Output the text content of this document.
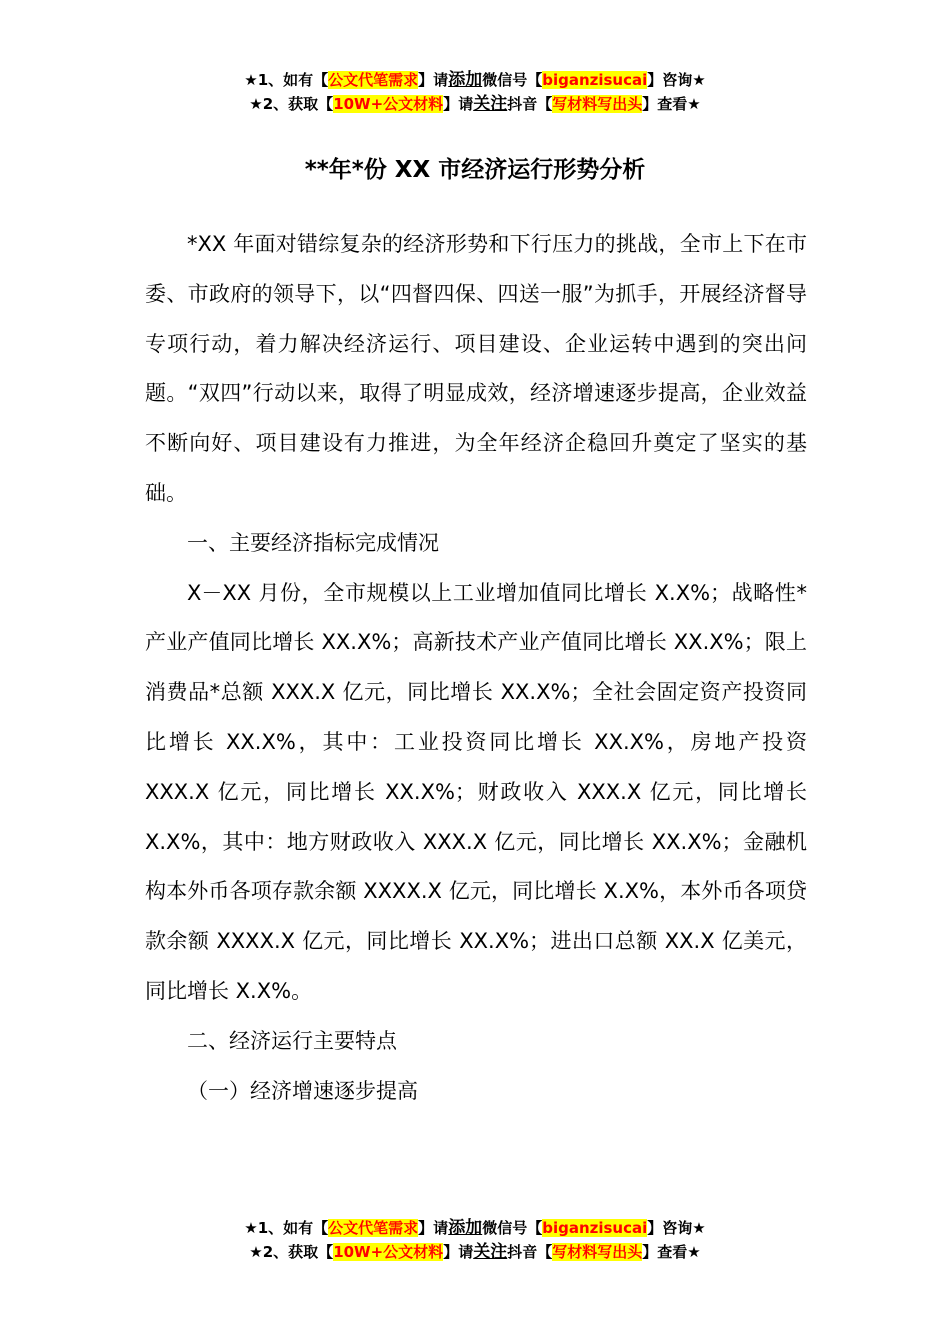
★1、如有【公文代笔需求】请添加微信号【biganzisucai】咨询★
★2、获取【10W+公文材料】请关注抖音【写材料写出头】查看★
**年*份 XX 市经济运行形势分析

*XX 年面对错综复杂的经济形势和下行压力的挑战，全市上下在市委、市政府的领导下，以“四督四保、四送一服”为抓手，开展经济督导专项行动，着力解决经济运行、项目建设、企业运转中遇到的突出问题。“双四”行动以来，取得了明显成效，经济增速逐步提高，企业效益不断向好、项目建设有力推进，为全年经济企稳回升奠定了坚实的基础。

一、主要经济指标完成情况

X－XX 月份，全市规模以上工业增加值同比增长 X.X%；战略性*产业产值同比增长 XX.X%；高新技术产业产值同比增长 XX.X%；限上消费品*总额 XXX.X 亿元，同比增长 XX.X%；全社会固定资产投资同比增长 XX.X%，其中：工业投资同比增长 XX.X%，房地产投资 XXX.X 亿元，同比增长 XX.X%；财政收入 XXX.X 亿元，同比增长 X.X%，其中：地方财政收入 XXX.X 亿元，同比增长 XX.X%；金融机构本外币各项存款余额 XXXX.X 亿元，同比增长 X.X%，本外币各项贷款余额 XXXX.X 亿元，同比增长 XX.X%；进出口总额 XX.X 亿美元，同比增长 X.X%。

二、经济运行主要特点

（一）经济增速逐步提高

★1、如有【公文代笔需求】请添加微信号【biganzisucai】咨询★
★2、获取【10W+公文材料】请关注抖音【写材料写出头】查看★
